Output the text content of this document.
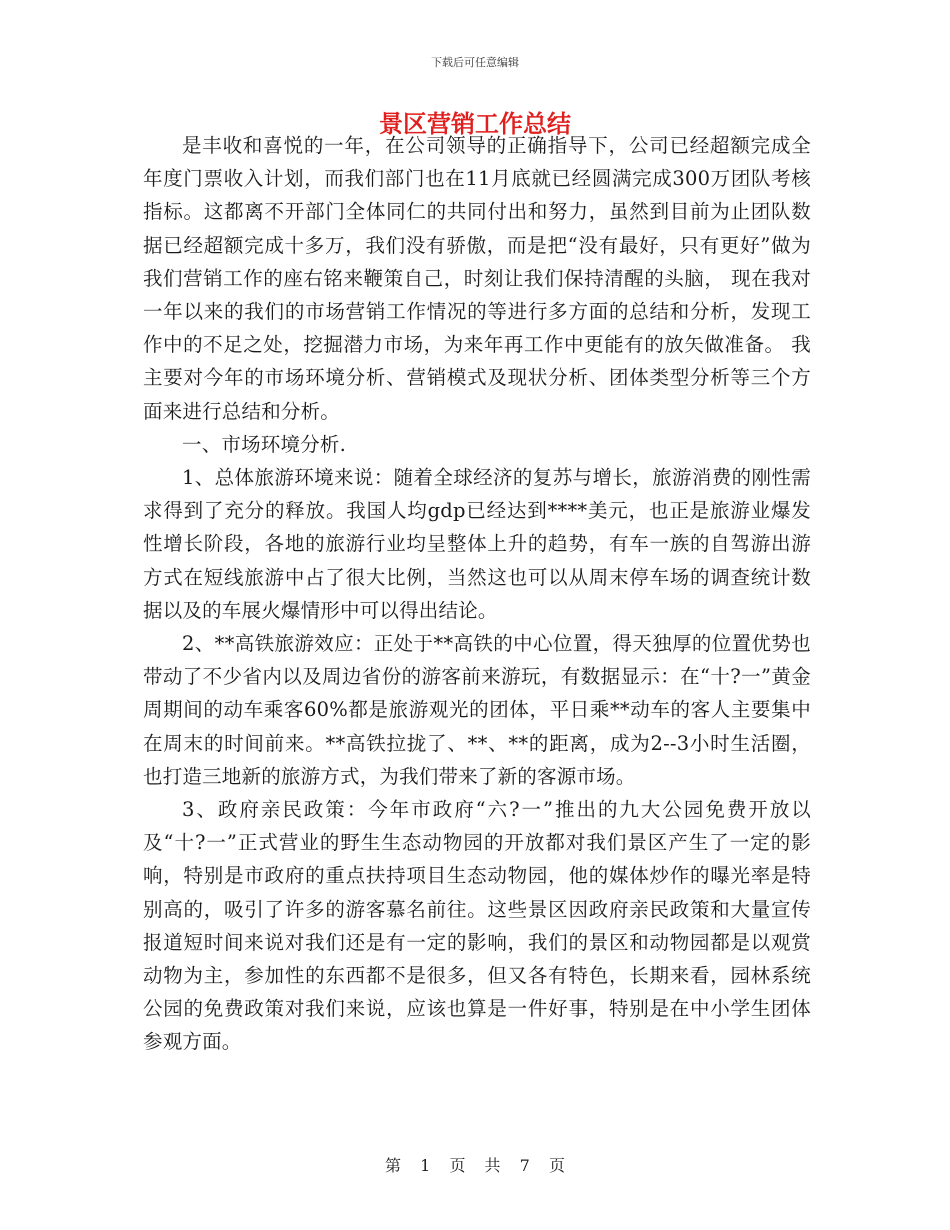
下载后可任意编辑
景区营销工作总结

是丰收和喜悦的一年，在公司领导的正确指导下，公司已经超额完成全年度门票收入计划，而我们部门也在11月底就已经圆满完成300万团队考核指标。这都离不开部门全体同仁的共同付出和努力，虽然到目前为止团队数据已经超额完成十多万，我们没有骄傲，而是把“没有最好，只有更好”做为我们营销工作的座右铭来鞭策自己，时刻让我们保持清醒的头脑， 现在我对一年以来的我们的市场营销工作情况的等进行多方面的总结和分析，发现工作中的不足之处，挖掘潜力市场，为来年再工作中更能有的放矢做准备。 我主要对今年的市场环境分析、营销模式及现状分析、团体类型分析等三个方面来进行总结和分析。

一、市场环境分析.

1、总体旅游环境来说：随着全球经济的复苏与增长，旅游消费的刚性需求得到了充分的释放。我国人均gdp已经达到****美元，也正是旅游业爆发性增长阶段，各地的旅游行业均呈整体上升的趋势，有车一族的自驾游出游方式在短线旅游中占了很大比例，当然这也可以从周末停车场的调查统计数据以及的车展火爆情形中可以得出结论。

2、**高铁旅游效应：正处于**高铁的中心位置，得天独厚的位置优势也带动了不少省内以及周边省份的游客前来游玩，有数据显示：在“十?一”黄金周期间的动车乘客60%都是旅游观光的团体，平日乘**动车的客人主要集中在周末的时间前来。**高铁拉拢了、**、**的距离，成为2--3小时生活圈，也打造三地新的旅游方式，为我们带来了新的客源市场。

3、政府亲民政策：今年市政府“六?一”推出的九大公园免费开放以及“十?一”正式营业的野生生态动物园的开放都对我们景区产生了一定的影响，特别是市政府的重点扶持项目生态动物园，他的媒体炒作的曝光率是特别高的，吸引了许多的游客慕名前往。这些景区因政府亲民政策和大量宣传报道短时间来说对我们还是有一定的影响，我们的景区和动物园都是以观赏动物为主，参加性的东西都不是很多，但又各有特色，长期来看，园林系统公园的免费政策对我们来说，应该也算是一件好事，特别是在中小学生团体参观方面。

第 1 页 共 7 页
